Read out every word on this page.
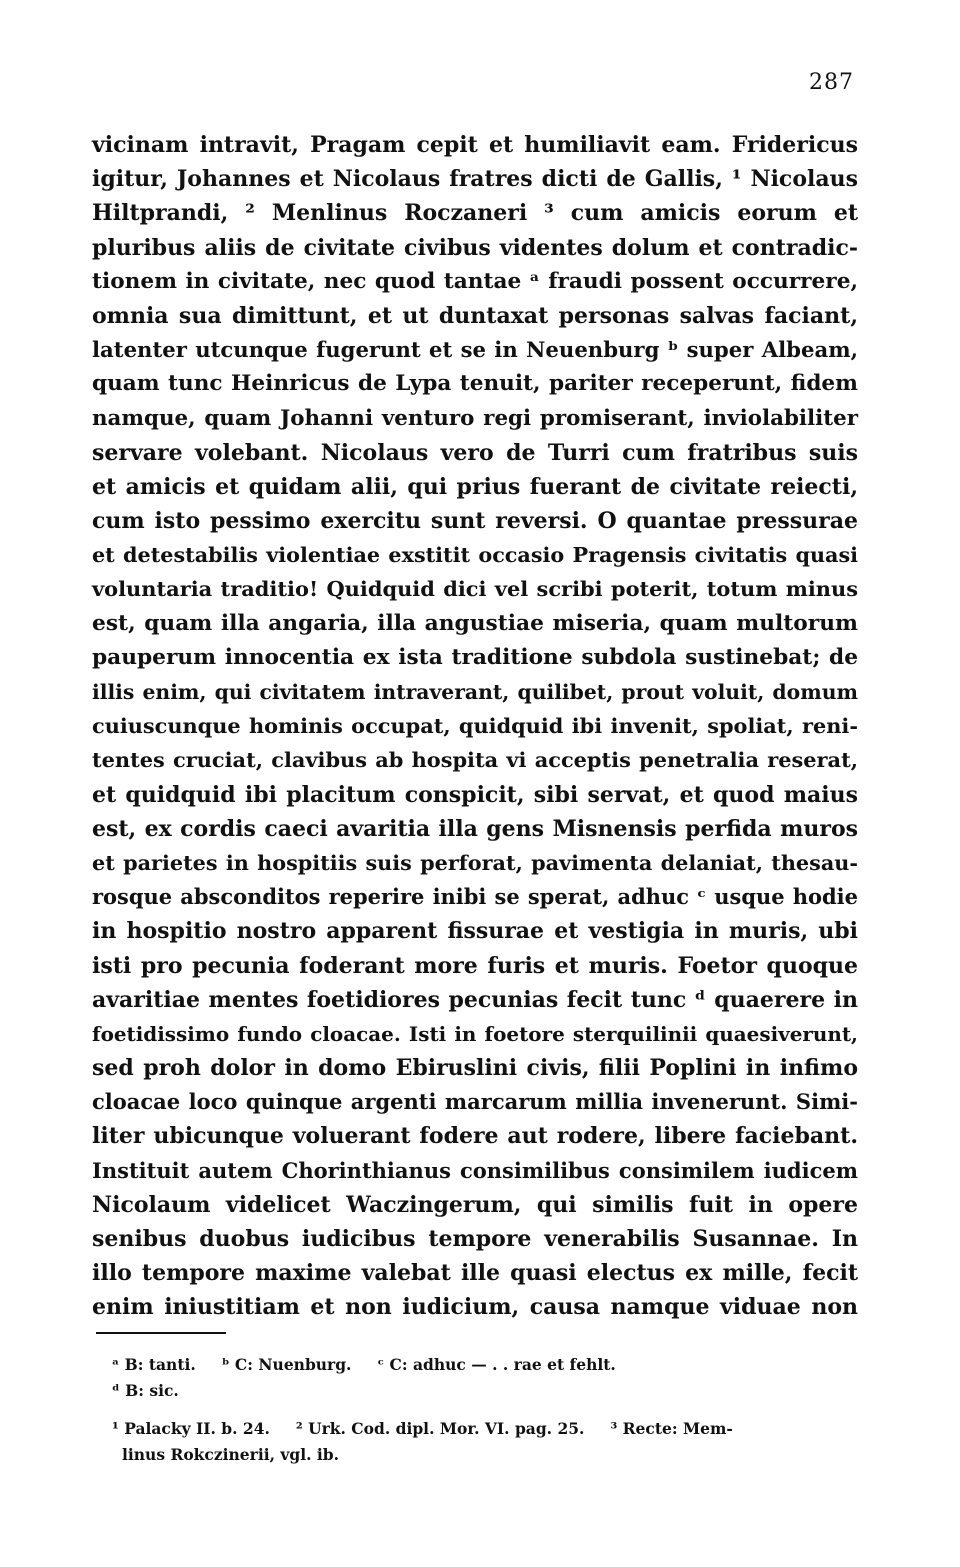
287
vicinam intravit, Pragam cepit et humiliavit eam. Fridericus
igitur, Johannes et Nicolaus fratres dicti de Gallis, ¹ Nicolaus
Hiltprandi, ² Menlinus Roczaneri ³ cum amicis eorum et
pluribus aliis de civitate civibus videntes dolum et contradic-
tionem in civitate, nec quod tantae ᵃ fraudi possent occurrere,
omnia sua dimittunt, et ut duntaxat personas salvas faciant,
latenter utcunque fugerunt et se in Neuenburg ᵇ super Albeam,
quam tunc Heinricus de Lypa tenuit, pariter receperunt, fidem
namque, quam Johanni venturo regi promiserant, inviolabiliter
servare volebant. Nicolaus vero de Turri cum fratribus suis
et amicis et quidam alii, qui prius fuerant de civitate reiecti,
cum isto pessimo exercitu sunt reversi. O quantae pressurae
et detestabilis violentiae exstitit occasio Pragensis civitatis quasi
voluntaria traditio! Quidquid dici vel scribi poterit, totum minus
est, quam illa angaria, illa angustiae miseria, quam multorum
pauperum innocentia ex ista traditione subdola sustinebat; de
illis enim, qui civitatem intraverant, quilibet, prout voluit, domum
cuiuscunque hominis occupat, quidquid ibi invenit, spoliat, reni-
tentes cruciat, clavibus ab hospita vi acceptis penetralia reserat,
et quidquid ibi placitum conspicit, sibi servat, et quod maius
est, ex cordis caeci avaritia illa gens Misnensis perfida muros
et parietes in hospitiis suis perforat, pavimenta delaniat, thesau-
rosque absconditos reperire inibi se sperat, adhuc ᶜ usque hodie
in hospitio nostro apparent fissurae et vestigia in muris, ubi
isti pro pecunia foderant more furis et muris. Foetor quoque
avaritiae mentes foetidiores pecunias fecit tunc ᵈ quaerere in
foetidissimo fundo cloacae. Isti in foetore sterquilinii quaesiverunt,
sed proh dolor in domo Ebiruslini civis, filii Poplini in infimo
cloacae loco quinque argenti marcarum millia invenerunt. Simi-
liter ubicunque voluerant fodere aut rodere, libere faciebant.
Instituit autem Chorinthianus consimilibus consimilem iudicem
Nicolaum videlicet Waczingerum, qui similis fuit in opere
senibus duobus iudicibus tempore venerabilis Susannae. In
illo tempore maxime valebat ille quasi electus ex mille, fecit
enim iniustitiam et non iudicium, causa namque viduae non
ᵃ B: tanti. ᵇ C: Nuenburg. ᶜ C: adhuc — . . rae et fehlt.
ᵈ B: sic.
¹ Palacky II. b. 24. ² Urk. Cod. dipl. Mor. VI. pag. 25. ³ Recte: Mem-
linus Rokczinerii, vgl. ib.
